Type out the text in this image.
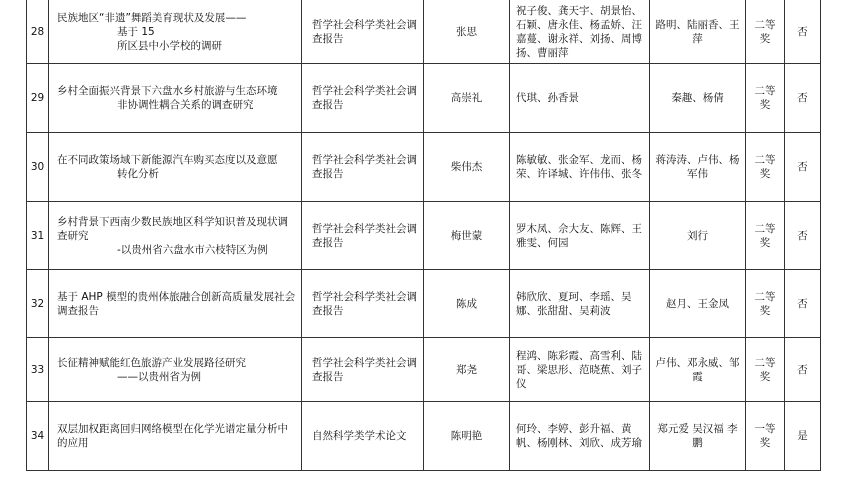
28	民族地区“非遗”舞蹈美育现状及发展——
基于 15
所区县中小学校的调研	哲学社会科学类社会调查报告	张思	祝子俊、龚天宇、胡景怡、石颖、唐永佳、杨孟娇、汪嘉蔓、谢永祥、刘扬、周博扬、曹丽萍	路明、陆丽香、王萍	二等奖	否
29	乡村全面振兴背景下六盘水乡村旅游与生态环境
非协调性耦合关系的调查研究	哲学社会科学类社会调查报告	高崇礼	代琪、孙香景	秦趣、杨倩	二等奖	否
30	在不同政策场域下新能源汽车购买态度以及意愿
转化分析	哲学社会科学类社会调查报告	柴伟杰	陈敏敏、张金军、龙而、杨荣、许译城、许伟伟、张冬	蒋涛涛、卢伟、杨军伟	二等奖	否
31	乡村背景下西南少数民族地区科学知识普及现状调查研究
-以贵州省六盘水市六枝特区为例	哲学社会科学类社会调查报告	梅世蒙	罗木凤、佘大友、陈辉、王雅雯、何园	刘行	二等奖	否
32	基于 AHP 模型的贵州体旅融合创新高质量发展社会调查报告	哲学社会科学类社会调查报告	陈成	韩欣欣、夏珂、李瑶、吴娜、张甜甜、吴莉波	赵月、王金凤	二等奖	否
33	长征精神赋能红色旅游产业发展路径研究
——以贵州省为例	哲学社会科学类社会调查报告	郑尧	程鸿、陈彩霞、高雪利、陆哥、梁思形、范晓蕉、刘子仪	卢伟、邓永威、邹霞	二等奖	否
34	双层加权距离回归网络模型在化学光谱定量分析中的应用	自然科学类学术论文	陈明艳	何玲、李婷、彭升福、黄帆、杨刚林、刘欣、成芳瑜	郑元爱 吴汉福 李鹏	一等奖	是
